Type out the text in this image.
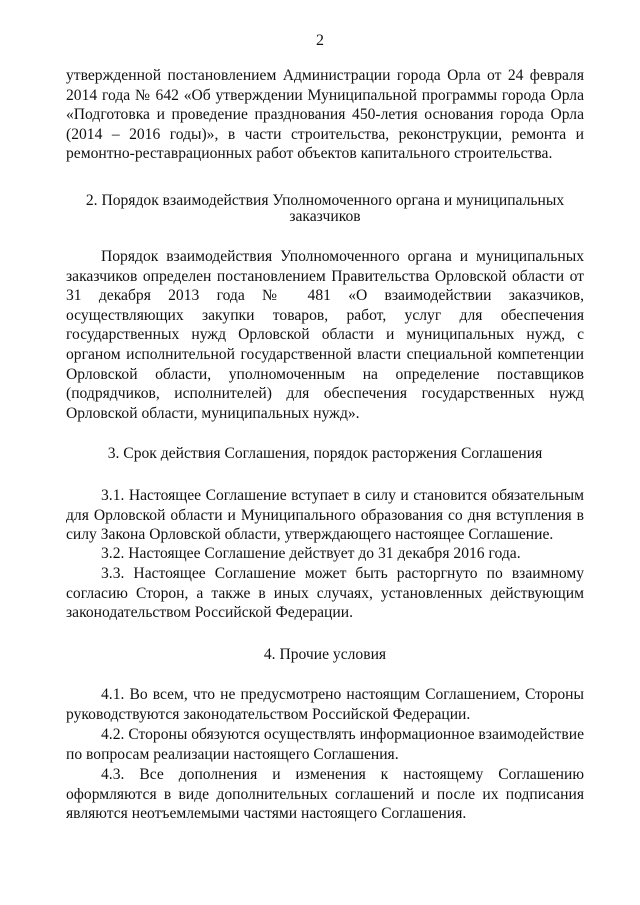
2

утвержденной постановлением Администрации города Орла от 24 февраля 2014 года № 642 «Об утверждении Муниципальной программы города Орла «Подготовка и проведение празднования 450-летия основания города Орла (2014 – 2016 годы)», в части строительства, реконструкции, ремонта и ремонтно-реставрационных работ объектов капитального строительства.

2. Порядок взаимодействия Уполномоченного органа и муниципальных

заказчиков

Порядок взаимодействия Уполномоченного органа и муниципальных заказчиков определен постановлением Правительства Орловской области от 31 декабря 2013 года № 481 «О взаимодействии заказчиков, осуществляющих закупки товаров, работ, услуг для обеспечения государственных нужд Орловской области и муниципальных нужд, с органом исполнительной государственной власти специальной компетенции Орловской области, уполномоченным на определение поставщиков (подрядчиков, исполнителей) для обеспечения государственных нужд Орловской области, муниципальных нужд».

3. Срок действия Соглашения, порядок расторжения Соглашения

3.1. Настоящее Соглашение вступает в силу и становится обязательным для Орловской области и Муниципального образования со дня вступления в силу Закона Орловской области, утверждающего настоящее Соглашение.

3.2. Настоящее Соглашение действует до 31 декабря 2016 года.

3.3. Настоящее Соглашение может быть расторгнуто по взаимному согласию Сторон, а также в иных случаях, установленных действующим законодательством Российской Федерации.

4. Прочие условия

4.1. Во всем, что не предусмотрено настоящим Соглашением, Стороны руководствуются законодательством Российской Федерации.

4.2. Стороны обязуются осуществлять информационное взаимодействие по вопросам реализации настоящего Соглашения.

4.3. Все дополнения и изменения к настоящему Соглашению оформляются в виде дополнительных соглашений и после их подписания являются неотъемлемыми частями настоящего Соглашения.
